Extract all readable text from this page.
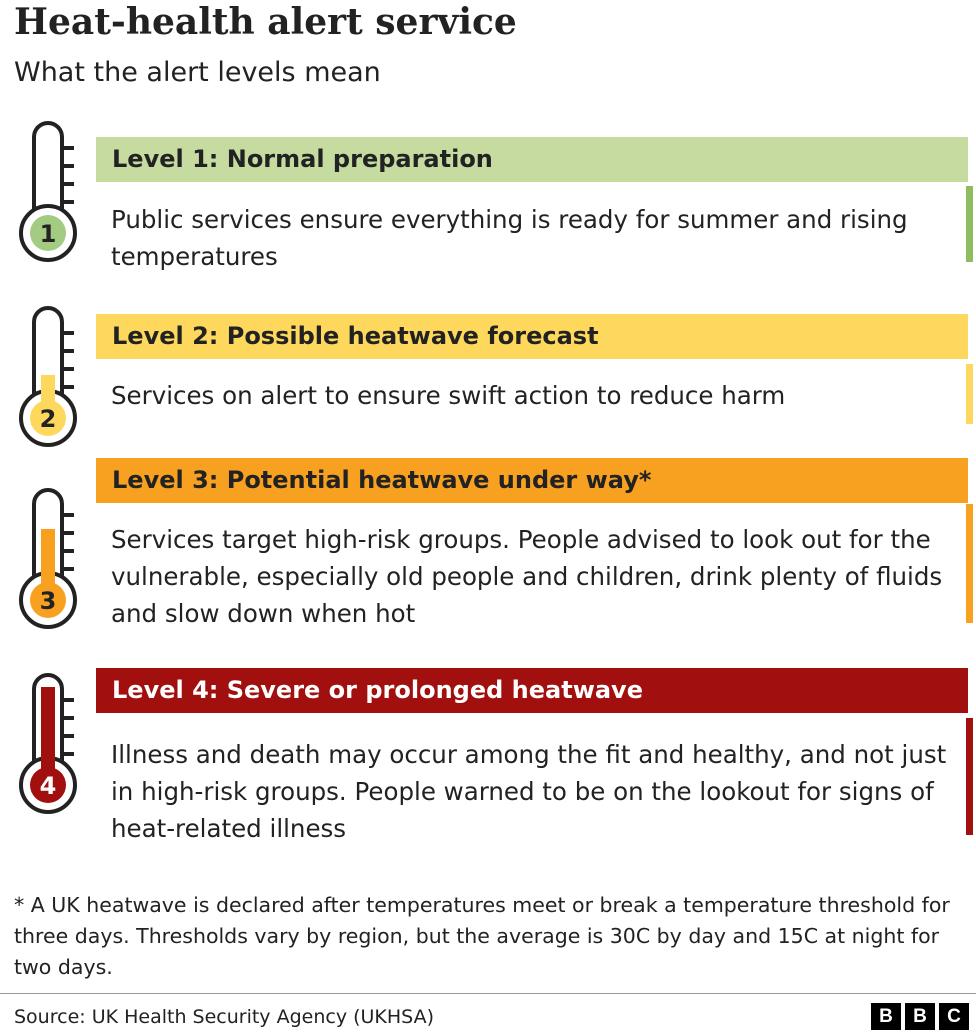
Heat-health alert service
What the alert levels mean
1
Level 1: Normal preparation
Public services ensure everything is ready for summer and rising temperatures
2
Level 2: Possible heatwave forecast
Services on alert to ensure swift action to reduce harm
3
Level 3: Potential heatwave under way*
Services target high-risk groups. People advised to look out for the vulnerable, especially old people and children, drink plenty of fluids and slow down when hot
4
Level 4: Severe or prolonged heatwave
Illness and death may occur among the fit and healthy, and not just in high-risk groups. People warned to be on the lookout for signs of heat-related illness
* A UK heatwave is declared after temperatures meet or break a temperature threshold for three days. Thresholds vary by region, but the average is 30C by day and 15C at night for two days.
Source: UK Health Security Agency (UKHSA)	B	B	C
